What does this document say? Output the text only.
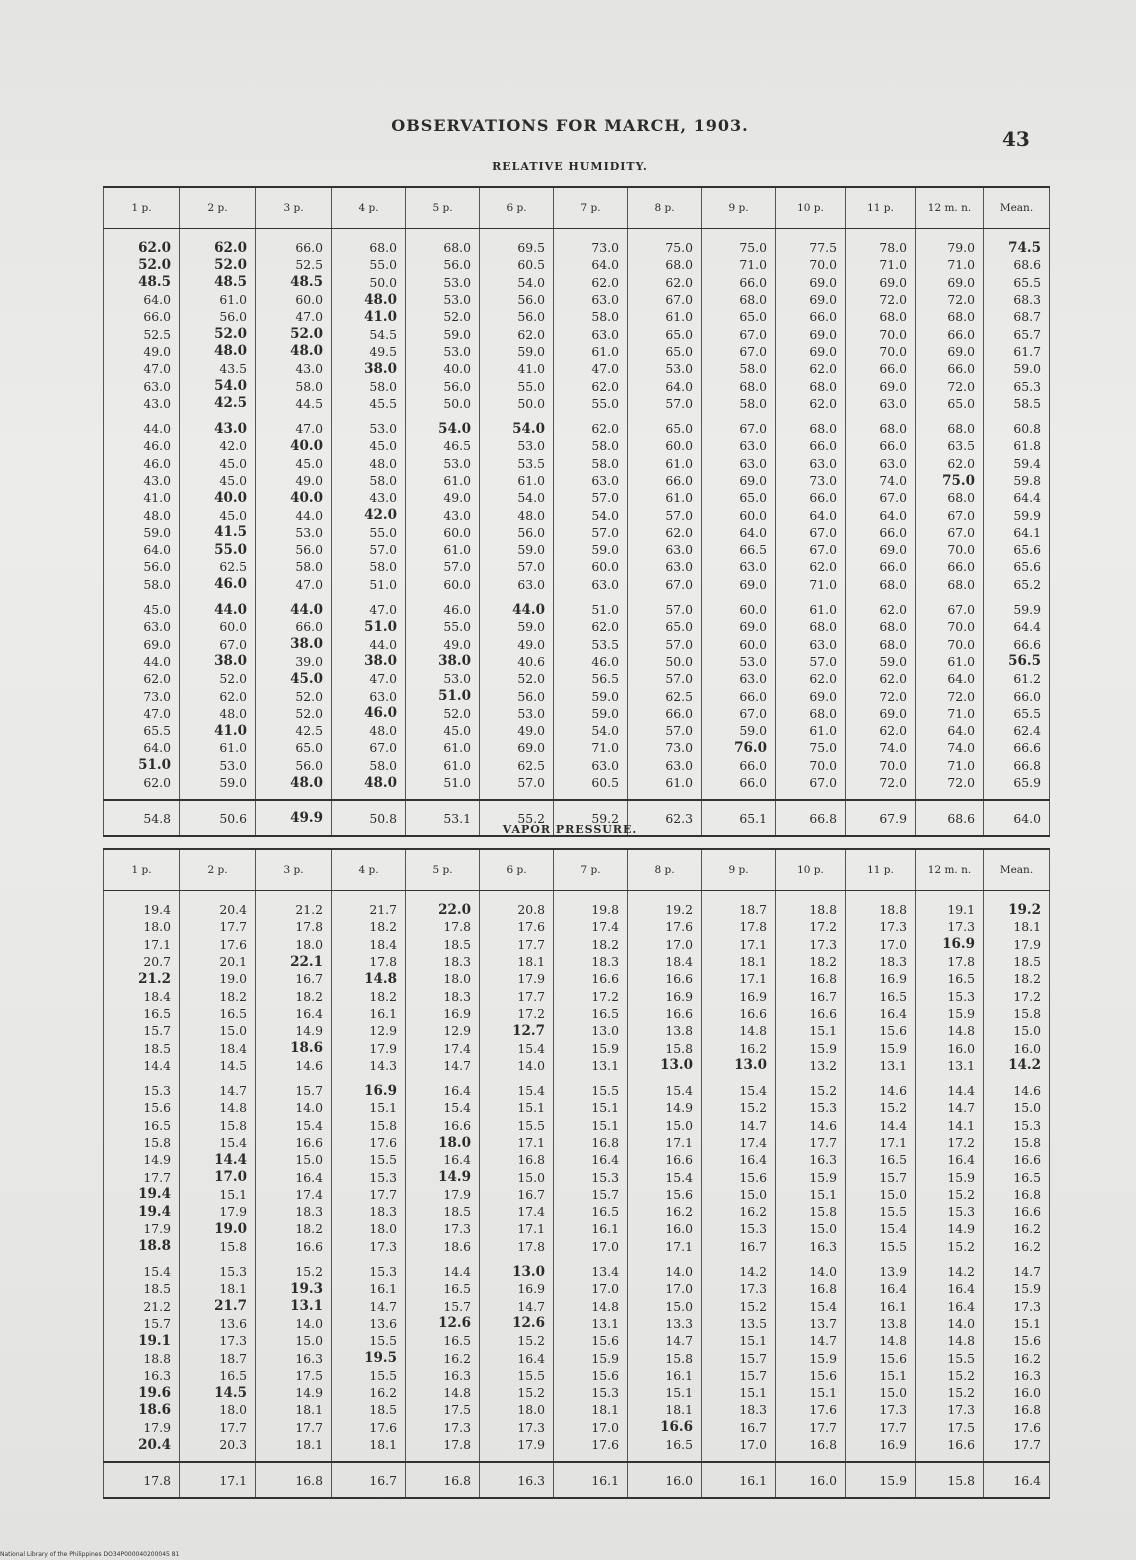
OBSERVATIONS FOR MARCH, 1903.
43
RELATIVE HUMIDITY.
1 p.	2 p.	3 p.	4 p.	5 p.	6 p.	7 p.	8 p.	9 p.	10 p.	11 p.	12 m. n.	Mean.
62.0	62.0	66.0	68.0	68.0	69.5	73.0	75.0	75.0	77.5	78.0	79.0	74.5
52.0	52.0	52.5	55.0	56.0	60.5	64.0	68.0	71.0	70.0	71.0	71.0	68.6
48.5	48.5	48.5	50.0	53.0	54.0	62.0	62.0	66.0	69.0	69.0	69.0	65.5
64.0	61.0	60.0	48.0	53.0	56.0	63.0	67.0	68.0	69.0	72.0	72.0	68.3
66.0	56.0	47.0	41.0	52.0	56.0	58.0	61.0	65.0	66.0	68.0	68.0	68.7
52.5	52.0	52.0	54.5	59.0	62.0	63.0	65.0	67.0	69.0	70.0	66.0	65.7
49.0	48.0	48.0	49.5	53.0	59.0	61.0	65.0	67.0	69.0	70.0	69.0	61.7
47.0	43.5	43.0	38.0	40.0	41.0	47.0	53.0	58.0	62.0	66.0	66.0	59.0
63.0	54.0	58.0	58.0	56.0	55.0	62.0	64.0	68.0	68.0	69.0	72.0	65.3
43.0	42.5	44.5	45.5	50.0	50.0	55.0	57.0	58.0	62.0	63.0	65.0	58.5
44.0	43.0	47.0	53.0	54.0	54.0	62.0	65.0	67.0	68.0	68.0	68.0	60.8
46.0	42.0	40.0	45.0	46.5	53.0	58.0	60.0	63.0	66.0	66.0	63.5	61.8
46.0	45.0	45.0	48.0	53.0	53.5	58.0	61.0	63.0	63.0	63.0	62.0	59.4
43.0	45.0	49.0	58.0	61.0	61.0	63.0	66.0	69.0	73.0	74.0	75.0	59.8
41.0	40.0	40.0	43.0	49.0	54.0	57.0	61.0	65.0	66.0	67.0	68.0	64.4
48.0	45.0	44.0	42.0	43.0	48.0	54.0	57.0	60.0	64.0	64.0	67.0	59.9
59.0	41.5	53.0	55.0	60.0	56.0	57.0	62.0	64.0	67.0	66.0	67.0	64.1
64.0	55.0	56.0	57.0	61.0	59.0	59.0	63.0	66.5	67.0	69.0	70.0	65.6
56.0	62.5	58.0	58.0	57.0	57.0	60.0	63.0	63.0	62.0	66.0	66.0	65.6
58.0	46.0	47.0	51.0	60.0	63.0	63.0	67.0	69.0	71.0	68.0	68.0	65.2
45.0	44.0	44.0	47.0	46.0	44.0	51.0	57.0	60.0	61.0	62.0	67.0	59.9
63.0	60.0	66.0	51.0	55.0	59.0	62.0	65.0	69.0	68.0	68.0	70.0	64.4
69.0	67.0	38.0	44.0	49.0	49.0	53.5	57.0	60.0	63.0	68.0	70.0	66.6
44.0	38.0	39.0	38.0	38.0	40.6	46.0	50.0	53.0	57.0	59.0	61.0	56.5
62.0	52.0	45.0	47.0	53.0	52.0	56.5	57.0	63.0	62.0	62.0	64.0	61.2
73.0	62.0	52.0	63.0	51.0	56.0	59.0	62.5	66.0	69.0	72.0	72.0	66.0
47.0	48.0	52.0	46.0	52.0	53.0	59.0	66.0	67.0	68.0	69.0	71.0	65.5
65.5	41.0	42.5	48.0	45.0	49.0	54.0	57.0	59.0	61.0	62.0	64.0	62.4
64.0	61.0	65.0	67.0	61.0	69.0	71.0	73.0	76.0	75.0	74.0	74.0	66.6
51.0	53.0	56.0	58.0	61.0	62.5	63.0	63.0	66.0	70.0	70.0	71.0	66.8
62.0	59.0	48.0	48.0	51.0	57.0	60.5	61.0	66.0	67.0	72.0	72.0	65.9
54.8	50.6	49.9	50.8	53.1	55.2	59.2	62.3	65.1	66.8	67.9	68.6	64.0
VAPOR PRESSURE.
1 p.	2 p.	3 p.	4 p.	5 p.	6 p.	7 p.	8 p.	9 p.	10 p.	11 p.	12 m. n.	Mean.
19.4	20.4	21.2	21.7	22.0	20.8	19.8	19.2	18.7	18.8	18.8	19.1	19.2
18.0	17.7	17.8	18.2	17.8	17.6	17.4	17.6	17.8	17.2	17.3	17.3	18.1
17.1	17.6	18.0	18.4	18.5	17.7	18.2	17.0	17.1	17.3	17.0	16.9	17.9
20.7	20.1	22.1	17.8	18.3	18.1	18.3	18.4	18.1	18.2	18.3	17.8	18.5
21.2	19.0	16.7	14.8	18.0	17.9	16.6	16.6	17.1	16.8	16.9	16.5	18.2
18.4	18.2	18.2	18.2	18.3	17.7	17.2	16.9	16.9	16.7	16.5	15.3	17.2
16.5	16.5	16.4	16.1	16.9	17.2	16.5	16.6	16.6	16.6	16.4	15.9	15.8
15.7	15.0	14.9	12.9	12.9	12.7	13.0	13.8	14.8	15.1	15.6	14.8	15.0
18.5	18.4	18.6	17.9	17.4	15.4	15.9	15.8	16.2	15.9	15.9	16.0	16.0
14.4	14.5	14.6	14.3	14.7	14.0	13.1	13.0	13.0	13.2	13.1	13.1	14.2
15.3	14.7	15.7	16.9	16.4	15.4	15.5	15.4	15.4	15.2	14.6	14.4	14.6
15.6	14.8	14.0	15.1	15.4	15.1	15.1	14.9	15.2	15.3	15.2	14.7	15.0
16.5	15.8	15.4	15.8	16.6	15.5	15.1	15.0	14.7	14.6	14.4	14.1	15.3
15.8	15.4	16.6	17.6	18.0	17.1	16.8	17.1	17.4	17.7	17.1	17.2	15.8
14.9	14.4	15.0	15.5	16.4	16.8	16.4	16.6	16.4	16.3	16.5	16.4	16.6
17.7	17.0	16.4	15.3	14.9	15.0	15.3	15.4	15.6	15.9	15.7	15.9	16.5
19.4	15.1	17.4	17.7	17.9	16.7	15.7	15.6	15.0	15.1	15.0	15.2	16.8
19.4	17.9	18.3	18.3	18.5	17.4	16.5	16.2	16.2	15.8	15.5	15.3	16.6
17.9	19.0	18.2	18.0	17.3	17.1	16.1	16.0	15.3	15.0	15.4	14.9	16.2
18.8	15.8	16.6	17.3	18.6	17.8	17.0	17.1	16.7	16.3	15.5	15.2	16.2
15.4	15.3	15.2	15.3	14.4	13.0	13.4	14.0	14.2	14.0	13.9	14.2	14.7
18.5	18.1	19.3	16.1	16.5	16.9	17.0	17.0	17.3	16.8	16.4	16.4	15.9
21.2	21.7	13.1	14.7	15.7	14.7	14.8	15.0	15.2	15.4	16.1	16.4	17.3
15.7	13.6	14.0	13.6	12.6	12.6	13.1	13.3	13.5	13.7	13.8	14.0	15.1
19.1	17.3	15.0	15.5	16.5	15.2	15.6	14.7	15.1	14.7	14.8	14.8	15.6
18.8	18.7	16.3	19.5	16.2	16.4	15.9	15.8	15.7	15.9	15.6	15.5	16.2
16.3	16.5	17.5	15.5	16.3	15.5	15.6	16.1	15.7	15.6	15.1	15.2	16.3
19.6	14.5	14.9	16.2	14.8	15.2	15.3	15.1	15.1	15.1	15.0	15.2	16.0
18.6	18.0	18.1	18.5	17.5	18.0	18.1	18.1	18.3	17.6	17.3	17.3	16.8
17.9	17.7	17.7	17.6	17.3	17.3	17.0	16.6	16.7	17.7	17.7	17.5	17.6
20.4	20.3	18.1	18.1	17.8	17.9	17.6	16.5	17.0	16.8	16.9	16.6	17.7
17.8	17.1	16.8	16.7	16.8	16.3	16.1	16.0	16.1	16.0	15.9	15.8	16.4
National Library of the Philippines DO34P000040200045 81
